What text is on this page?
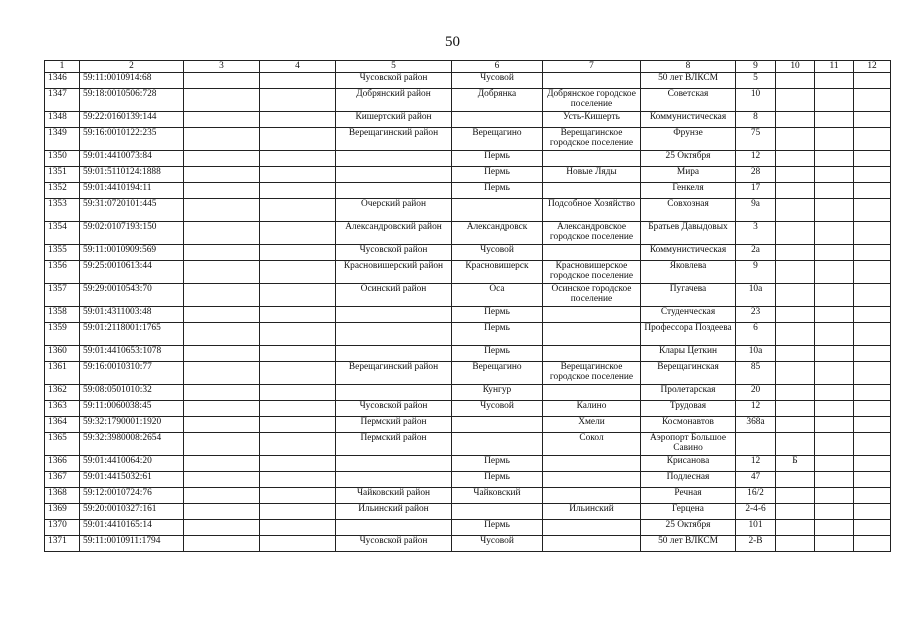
50
1	2	3	4	5	6	7	8	9	10	11	12
1346	59:11:0010914:68			Чусовской район	Чусовой		50 лет ВЛКСМ	5			
1347	59:18:0010506:728			Добрянский район	Добрянка	Добрянское городское поселение	Советская	10			
1348	59:22:0160139:144			Кишертский район		Усть-Кишерть	Коммунистическая	8			
1349	59:16:0010122:235			Верещагинский район	Верещагино	Верещагинское городское поселение	Фрунзе	75			
1350	59:01:4410073:84				Пермь		25 Октября	12			
1351	59:01:5110124:1888				Пермь	Новые Ляды	Мира	28			
1352	59:01:4410194:11				Пермь		Генкеля	17			
1353	59:31:0720101:445			Очерский район		Подсобное Хозяйство	Совхозная	9а			
1354	59:02:0107193:150			Александровский район	Александровск	Александровское городское поселение	Братьев Давыдовых	3			
1355	59:11:0010909:569			Чусовской район	Чусовой		Коммунистическая	2а			
1356	59:25:0010613:44			Красновишерский район	Красновишерск	Красновишерское городское поселение	Яковлева	9			
1357	59:29:0010543:70			Осинский район	Оса	Осинское городское поселение	Пугачева	10а			
1358	59:01:4311003:48				Пермь		Студенческая	23			
1359	59:01:2118001:1765				Пермь		Профессора Поздеева	6			
1360	59:01:4410653:1078				Пермь		Клары Цеткин	10а			
1361	59:16:0010310:77			Верещагинский район	Верещагино	Верещагинское городское поселение	Верещагинская	85			
1362	59:08:0501010:32				Кунгур		Пролетарская	20			
1363	59:11:0060038:45			Чусовской район	Чусовой	Калино	Трудовая	12			
1364	59:32:1790001:1920			Пермский район		Хмели	Космонавтов	368а			
1365	59:32:3980008:2654			Пермский район		Сокол	Аэропорт Большое Савино				
1366	59:01:4410064:20				Пермь		Крисанова	12	Б		
1367	59:01:4415032:61				Пермь		Подлесная	47			
1368	59:12:0010724:76			Чайковский район	Чайковский		Речная	16/2			
1369	59:20:0010327:161			Ильинский район		Ильинский	Герцена	2-4-6			
1370	59:01:4410165:14				Пермь		25 Октября	101			
1371	59:11:0010911:1794			Чусовской район	Чусовой		50 лет ВЛКСМ	2-В			
